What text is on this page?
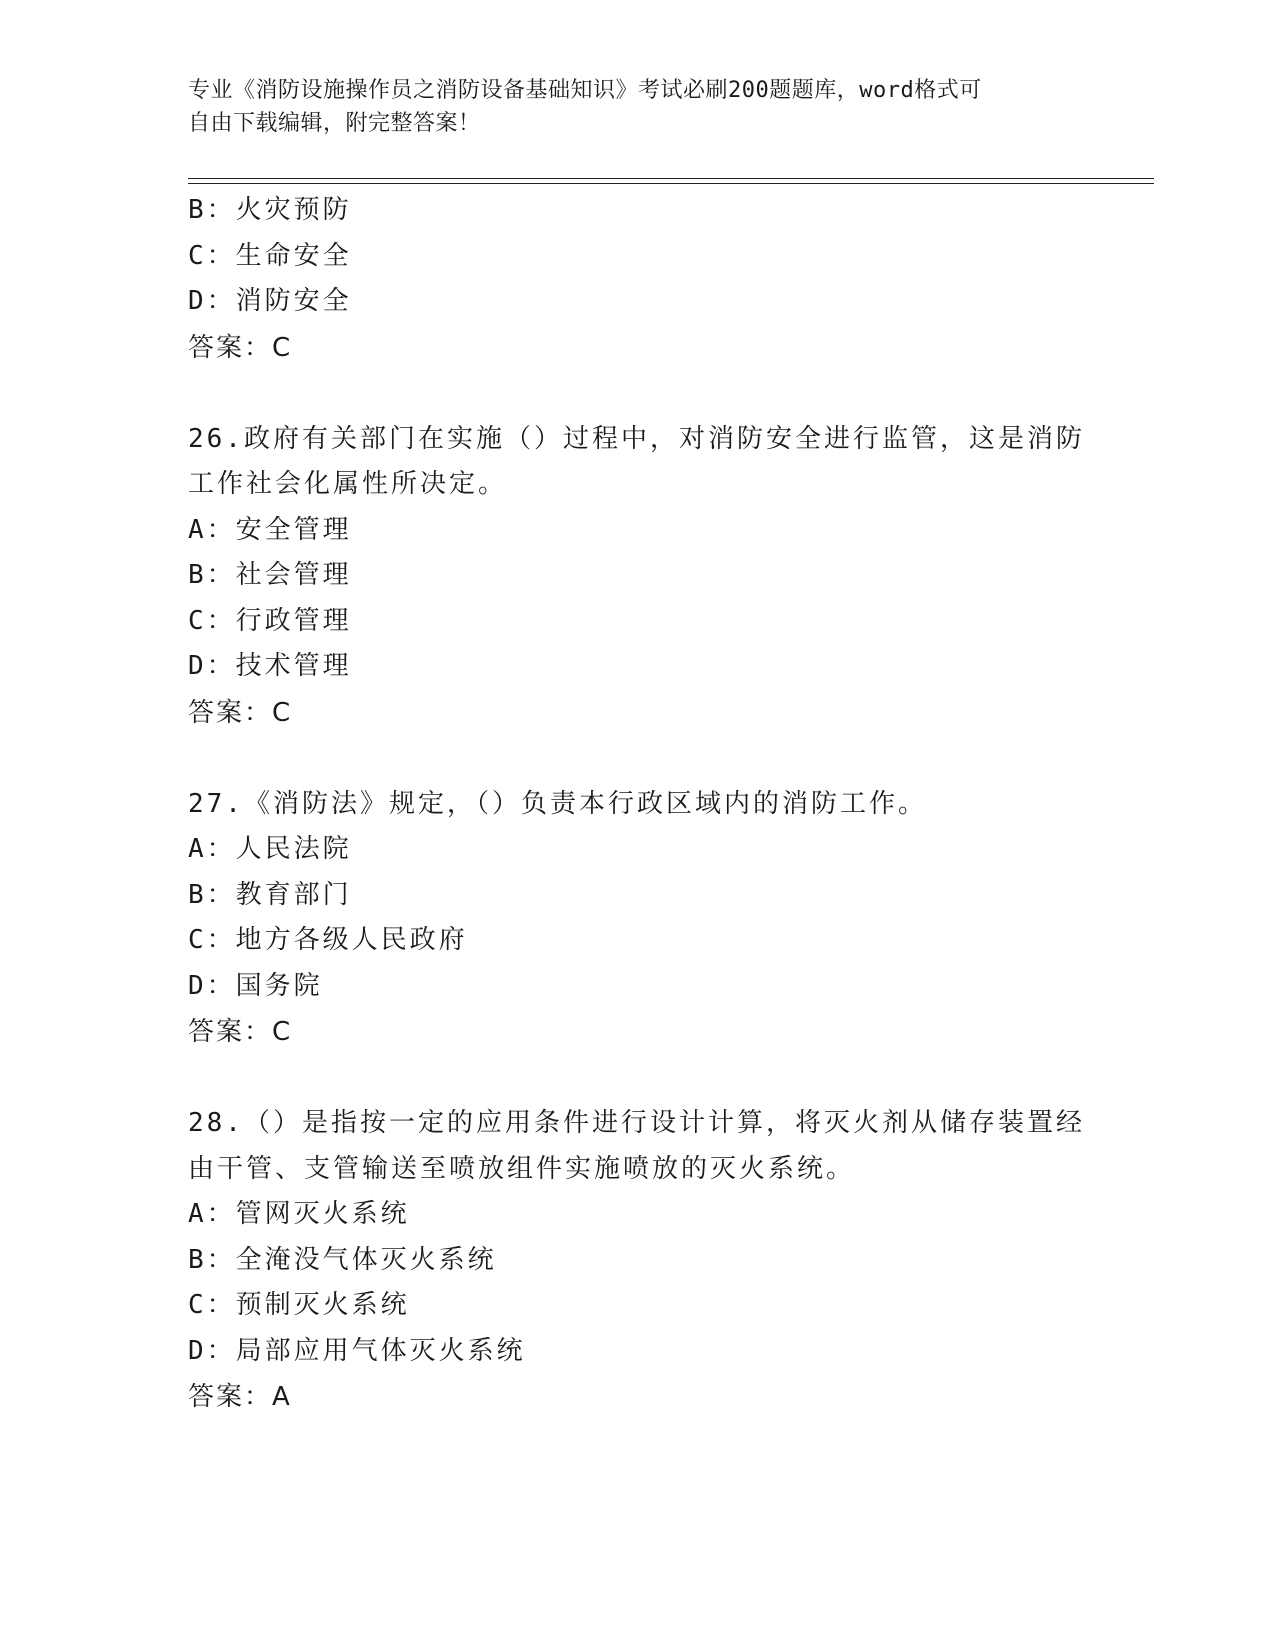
专业《消防设施操作员之消防设备基础知识》考试必刷200题题库，word格式可
自由下载编辑，附完整答案！
B：火灾预防
C：生命安全
D：消防安全
答案：C
26.政府有关部门在实施（）过程中，对消防安全进行监管，这是消防
工作社会化属性所决定。
A：安全管理
B：社会管理
C：行政管理
D：技术管理
答案：C
27.《消防法》规定，（）负责本行政区域内的消防工作。
A：人民法院
B：教育部门
C：地方各级人民政府
D：国务院
答案：C
28.（）是指按一定的应用条件进行设计计算，将灭火剂从储存装置经
由干管、支管输送至喷放组件实施喷放的灭火系统。
A：管网灭火系统
B：全淹没气体灭火系统
C：预制灭火系统
D：局部应用气体灭火系统
答案：A
